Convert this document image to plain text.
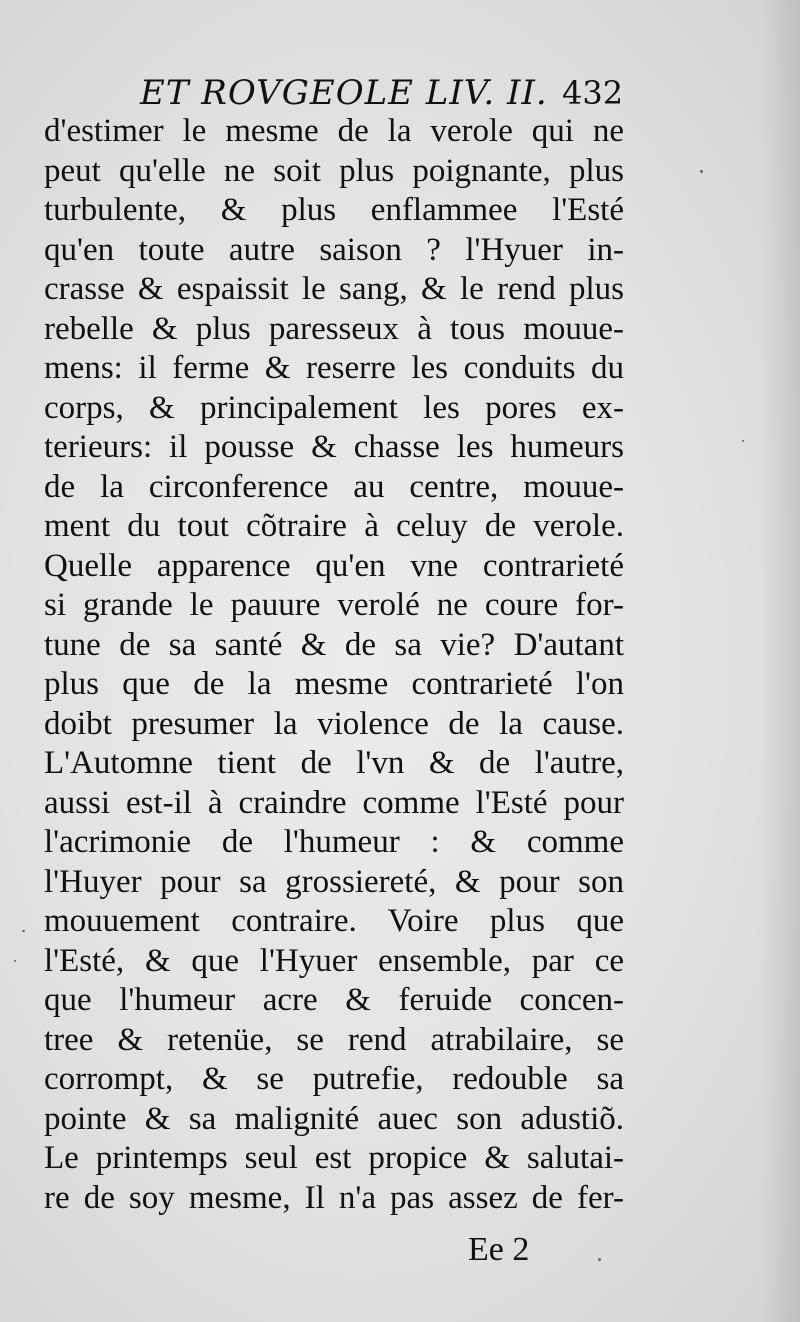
ET ROVGEOLE LIV. II. 432
d'estimer le mesme de la verole qui ne
peut qu'elle ne soit plus poignante, plus
turbulente, & plus enflammee l'Esté
qu'en toute autre saison ? l'Hyuer in-
crasse & espaissit le sang, & le rend plus
rebelle & plus paresseux à tous mouue-
mens: il ferme & reserre les conduits du
corps, & principalement les pores ex-
terieurs: il pousse & chasse les humeurs
de la circonference au centre, mouue-
ment du tout cõtraire à celuy de verole.
Quelle apparence qu'en vne contrarieté
si grande le pauure verolé ne coure for-
tune de sa santé & de sa vie? D'autant
plus que de la mesme contrarieté l'on
doibt presumer la violence de la cause.
L'Automne tient de l'vn & de l'autre,
aussi est-il à craindre comme l'Esté pour
l'acrimonie de l'humeur : & comme
l'Huyer pour sa grossiereté, & pour son
mouuement contraire. Voire plus que
l'Esté, & que l'Hyuer ensemble, par ce
que l'humeur acre & feruide concen-
tree & retenüe, se rend atrabilaire, se
corrompt, & se putrefie, redouble sa
pointe & sa malignité auec son adustiõ.
Le printemps seul est propice & salutai-
re de soy mesme, Il n'a pas assez de fer-
Ee 2
